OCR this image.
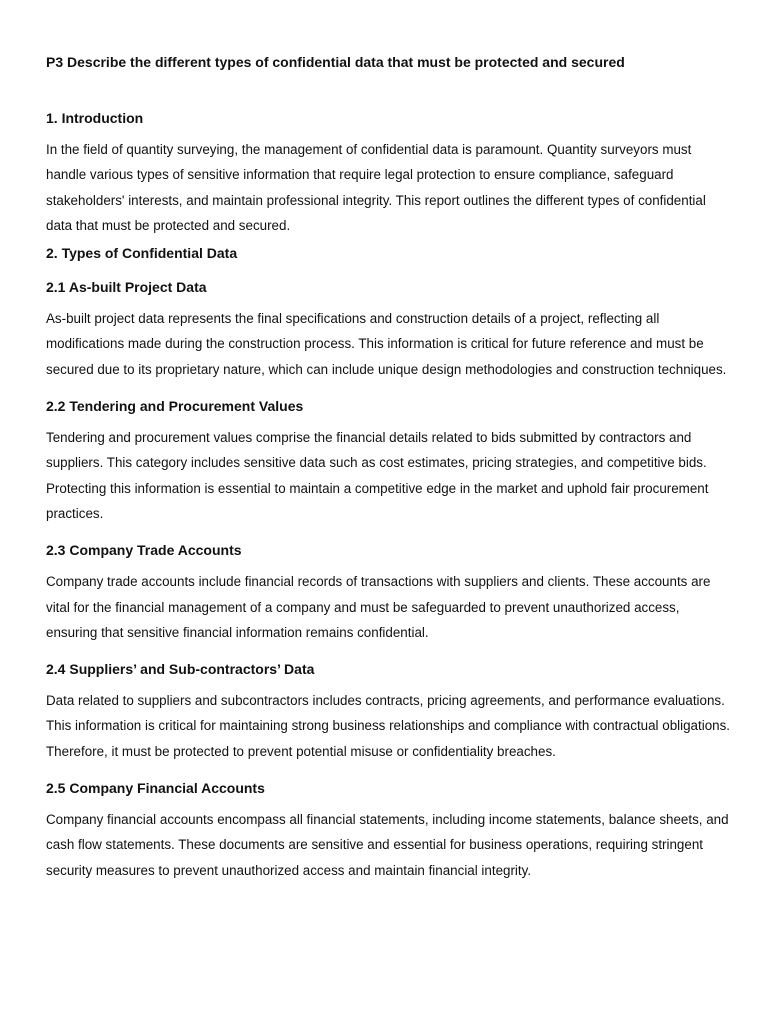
P3 Describe the different types of confidential data that must be protected and secured

1. Introduction

In the field of quantity surveying, the management of confidential data is paramount. Quantity surveyors must handle various types of sensitive information that require legal protection to ensure compliance, safeguard stakeholders' interests, and maintain professional integrity. This report outlines the different types of confidential data that must be protected and secured.

2. Types of Confidential Data

2.1 As-built Project Data

As-built project data represents the final specifications and construction details of a project, reflecting all modifications made during the construction process. This information is critical for future reference and must be secured due to its proprietary nature, which can include unique design methodologies and construction techniques.

2.2 Tendering and Procurement Values

Tendering and procurement values comprise the financial details related to bids submitted by contractors and suppliers. This category includes sensitive data such as cost estimates, pricing strategies, and competitive bids. Protecting this information is essential to maintain a competitive edge in the market and uphold fair procurement practices.

2.3 Company Trade Accounts

Company trade accounts include financial records of transactions with suppliers and clients. These accounts are vital for the financial management of a company and must be safeguarded to prevent unauthorized access, ensuring that sensitive financial information remains confidential.

2.4 Suppliers’ and Sub-contractors’ Data

Data related to suppliers and subcontractors includes contracts, pricing agreements, and performance evaluations. This information is critical for maintaining strong business relationships and compliance with contractual obligations. Therefore, it must be protected to prevent potential misuse or confidentiality breaches.

2.5 Company Financial Accounts

Company financial accounts encompass all financial statements, including income statements, balance sheets, and cash flow statements. These documents are sensitive and essential for business operations, requiring stringent security measures to prevent unauthorized access and maintain financial integrity.
